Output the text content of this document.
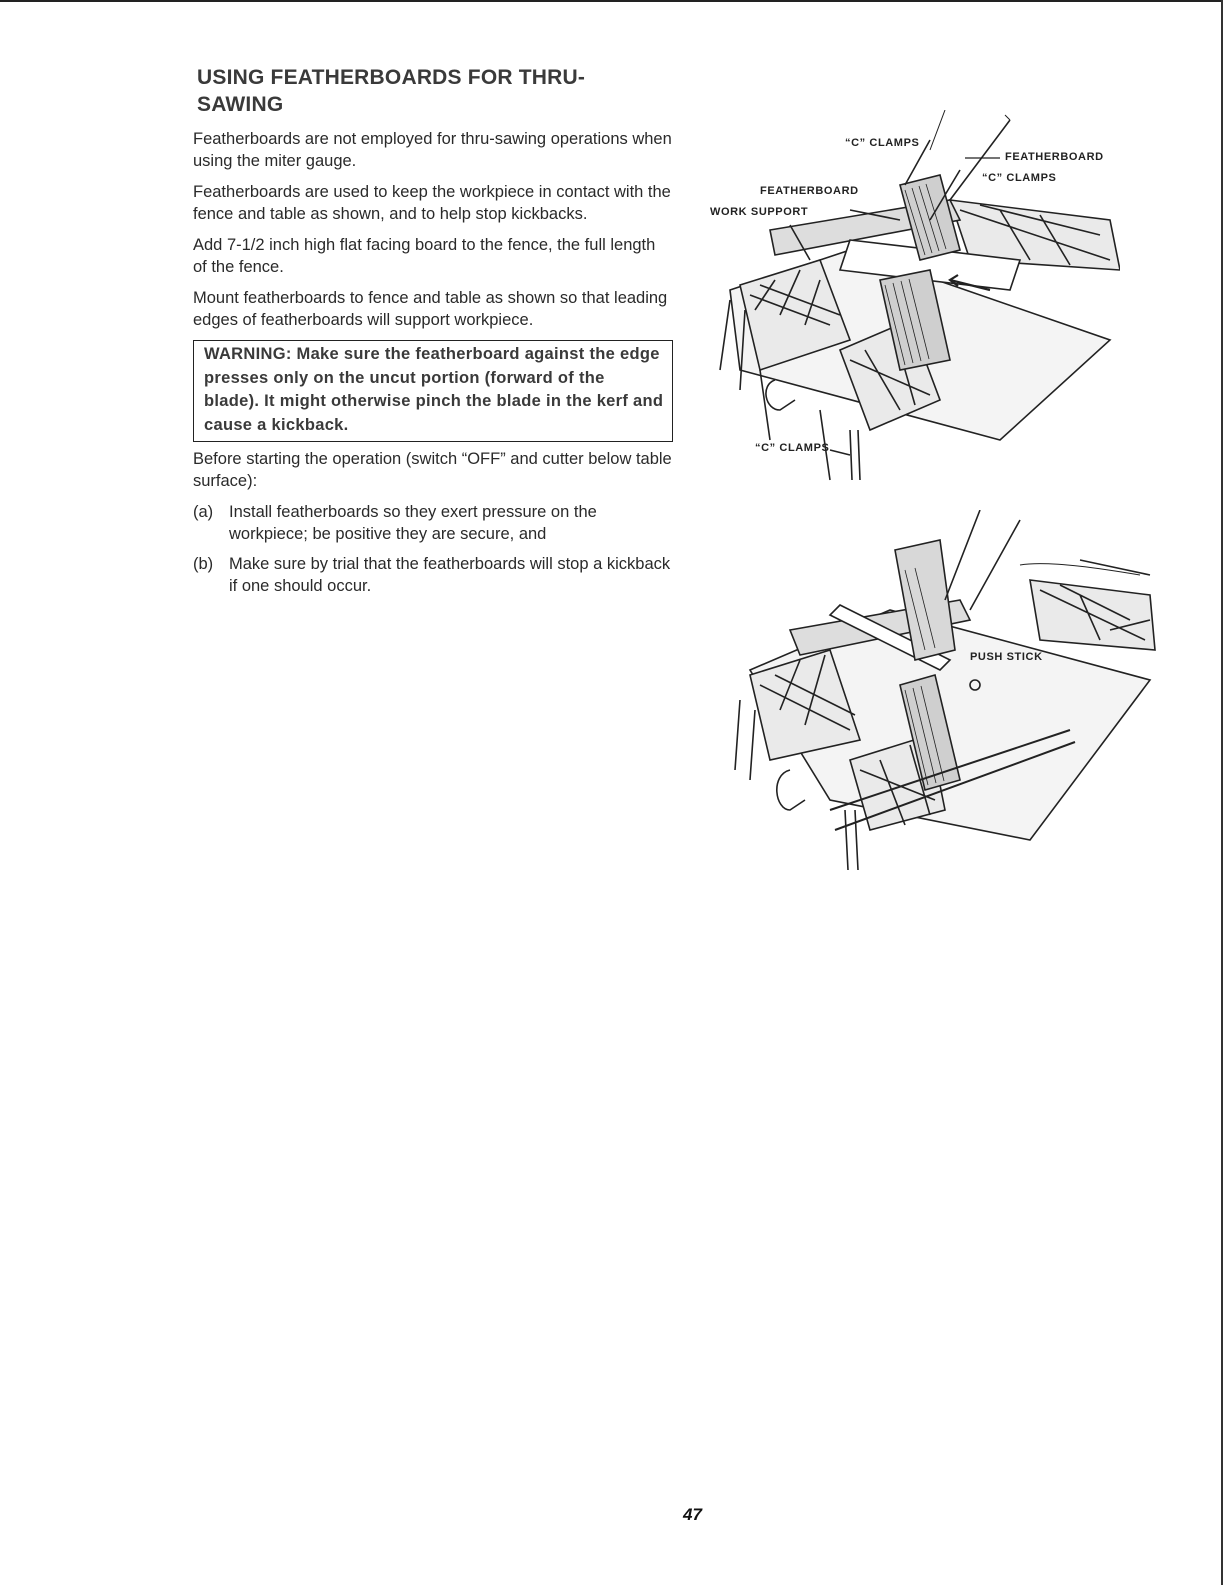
USING FEATHERBOARDS FOR THRU-
SAWING

Featherboards are not employed for thru-sawing operations when using the miter gauge.

Featherboards are used to keep the workpiece in contact with the fence and table as shown, and to help stop kickbacks.

Add 7-1/2 inch high flat facing board to the fence, the full length of the fence.

Mount featherboards to fence and table as shown so that leading edges of featherboards will support workpiece.

WARNING: Make sure the featherboard against the edge presses only on the uncut portion (forward of the blade). It might otherwise pinch the blade in the kerf and cause a kickback.

Before starting the operation (switch “OFF” and cutter below table surface):

(a) Install featherboards so they exert pressure on the workpiece; be positive they are secure, and
(b) Make sure by trial that the featherboards will stop a kickback if one should occur.
“C” CLAMPS
FEATHERBOARD
“C” CLAMPS
FEATHERBOARD
WORK SUPPORT
“C” CLAMPS
PUSH STICK
47
